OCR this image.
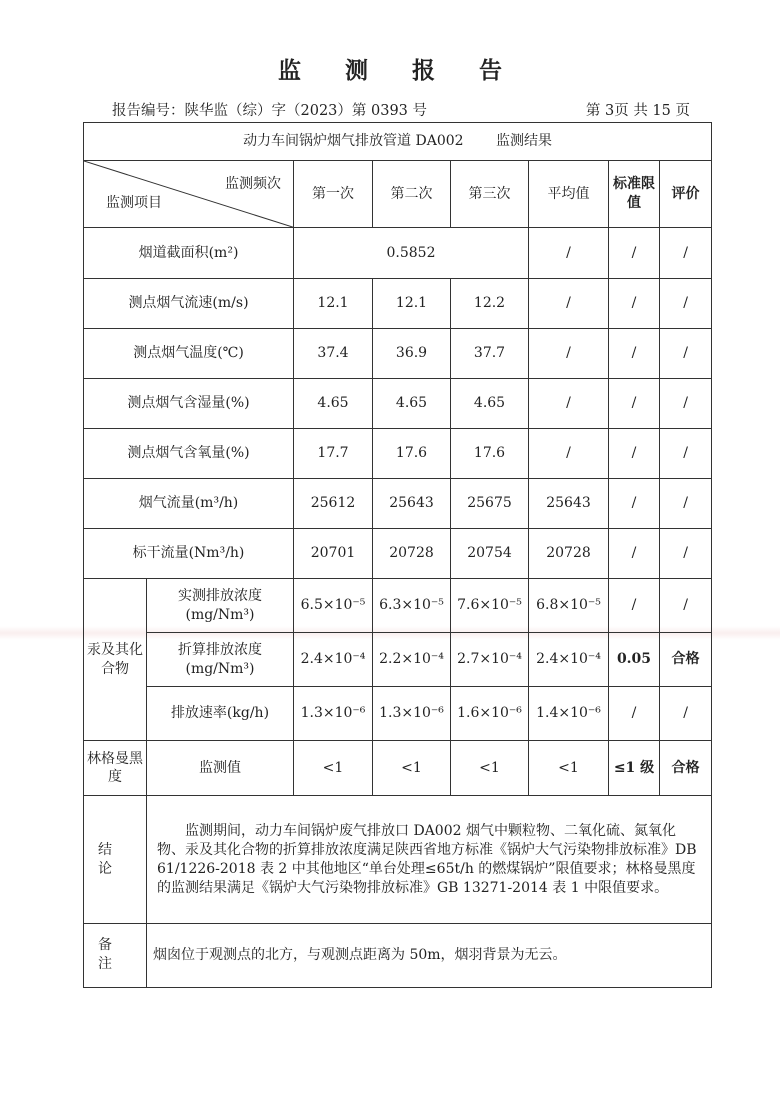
监 测 报 告
报告编号：陕华监（综）字（2023）第 0393 号	第 3页 共 15 页
动力车间锅炉烟气排放管道 DA002 　　监测结果							

监测频次
监测项目		第一次	第二次	第三次	平均值	标准限值	评价
烟道截面积(m²)		0.5852			/	/	/
测点烟气流速(m/s)		12.1	12.1	12.2	/	/	/
测点烟气温度(℃)		37.4	36.9	37.7	/	/	/
测点烟气含湿量(%)		4.65	4.65	4.65	/	/	/
测点烟气含氧量(%)		17.7	17.6	17.6	/	/	/
烟气流量(m³/h)		25612	25643	25675	25643	/	/
标干流量(Nm³/h)		20701	20728	20754	20728	/	/
汞及其化合物	实测排放浓度(mg/Nm³)	6.5×10⁻⁵	6.3×10⁻⁵	7.6×10⁻⁵	6.8×10⁻⁵	/	/
	折算排放浓度(mg/Nm³)	2.4×10⁻⁴	2.2×10⁻⁴	2.7×10⁻⁴	2.4×10⁻⁴	0.05	合格
	排放速率(kg/h)	1.3×10⁻⁶	1.3×10⁻⁶	1.6×10⁻⁶	1.4×10⁻⁶	/	/
林格曼黑度	监测值	<1	<1	<1	<1	≤1 级	合格
结 论	监测期间，动力车间锅炉废气排放口 DA002 烟气中颗粒物、二氧化硫、氮氧化物、汞及其化合物的折算排放浓度满足陕西省地方标准《锅炉大气污染物排放标准》DB 61/1226-2018 表 2 中其他地区“单台处理≤65t/h 的燃煤锅炉”限值要求；林格曼黑度的监测结果满足《锅炉大气污染物排放标准》GB 13271-2014 表 1 中限值要求。						
备 注	烟囱位于观测点的北方，与观测点距离为 50m，烟羽背景为无云。						
